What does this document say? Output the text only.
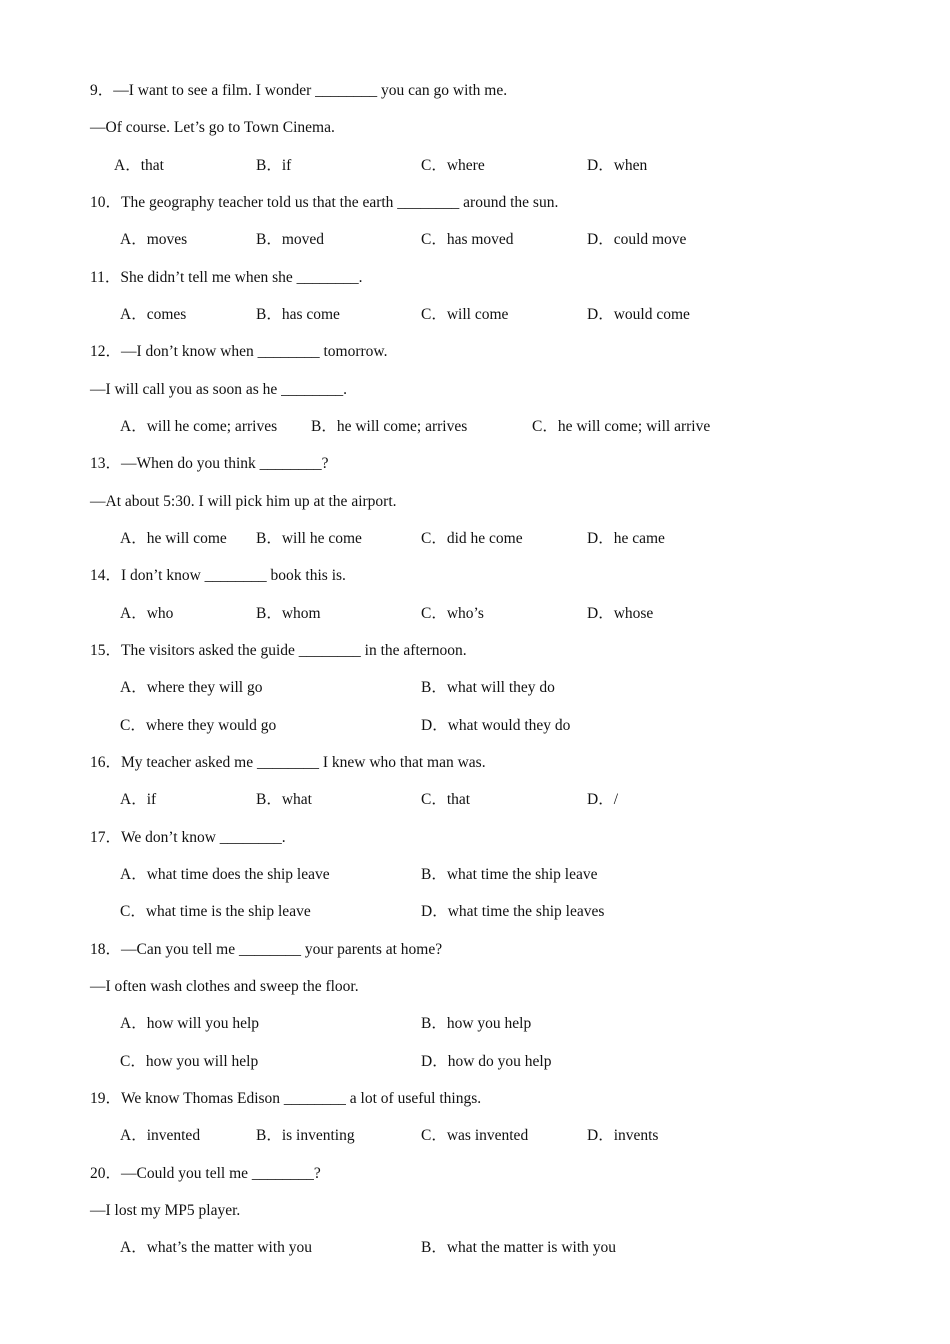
9．—I want to see a film. I wonder ________ you can go with me.
—Of course. Let’s go to Town Cinema.
A．that	B．if	C．where	D．when
10．The geography teacher told us that the earth ________ around the sun.
A．moves	B．moved	C．has moved	D．could move
11．She didn’t tell me when she ________.
A．comes	B．has come	C．will come	D．would come
12．—I don’t know when ________ tomorrow.
—I will call you as soon as he ________.
A．will he come; arrives B．he will come; arrives	C．he will come; will arrive
13．—When do you think ________?
—At about 5:30. I will pick him up at the airport.
A．he will come B．will he come	C．did he come	D．he came
14．I don’t know ________ book this is.
A．who	B．whom	C．who’s	D．whose
15．The visitors asked the guide ________ in the afternoon.
A．where they will go	B．what will they do
C．where they would go	D．what would they do
16．My teacher asked me ________ I knew who that man was.
A．if	B．what	C．that	D．/
17．We don’t know ________.
A．what time does the ship leave	B．what time the ship leave
C．what time is the ship leave	D．what time the ship leaves
18．—Can you tell me ________ your parents at home?
—I often wash clothes and sweep the floor.
A．how will you help	B．how you help
C．how you will help	D．how do you help
19．We know Thomas Edison ________ a lot of useful things.
A．invented	B．is inventing	C．was invented	D．invents
20．—Could you tell me ________?
—I lost my MP5 player.
A．what’s the matter with you	B．what the matter is with you
